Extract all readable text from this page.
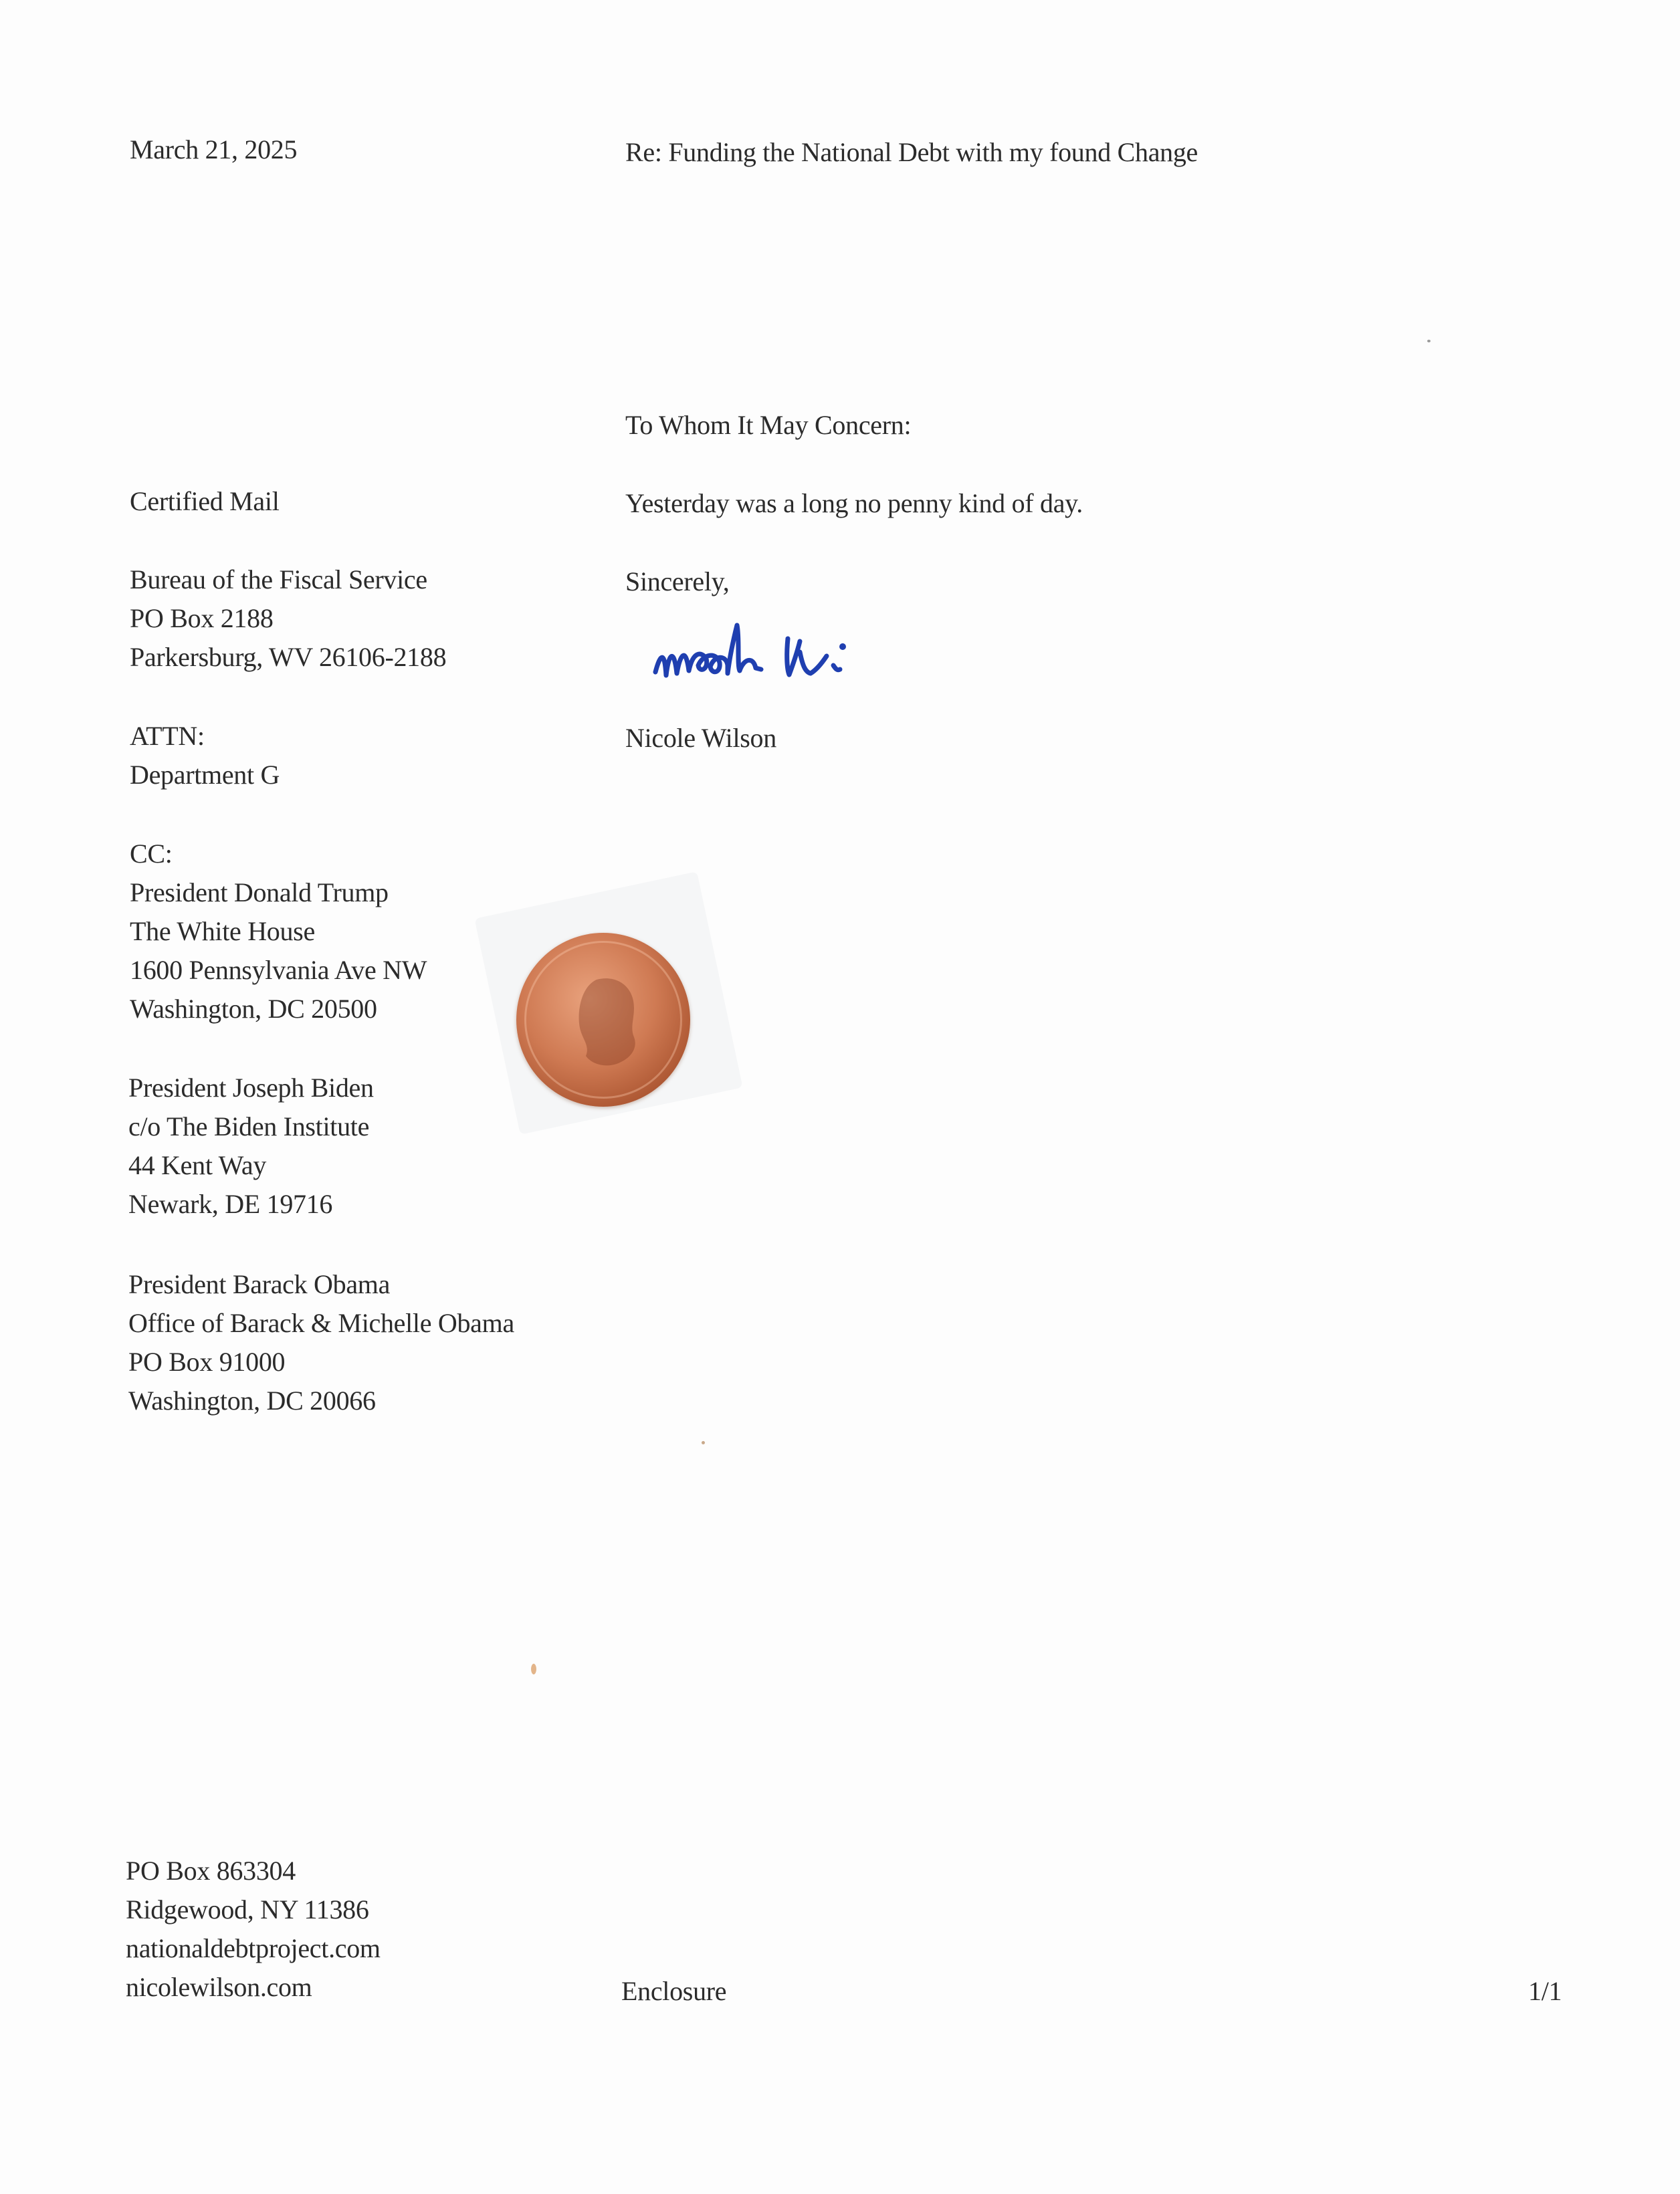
March 21, 2025	Re: Funding the National Debt with my found Change
To Whom It May Concern:
Yesterday was a long no penny kind of day.
Sincerely,
Nicole Wilson
Certified Mail
Bureau of the Fiscal Service
PO Box 2188
Parkersburg, WV 26106-2188
ATTN:
Department G
CC:
President Donald Trump
The White House
1600 Pennsylvania Ave NW
Washington, DC 20500
President Joseph Biden
c/o The Biden Institute
44 Kent Way
Newark, DE 19716
President Barack Obama
Office of Barack & Michelle Obama
PO Box 91000
Washington, DC 20066
PO Box 863304
Ridgewood, NY 11386
nationaldebtproject.com
nicolewilson.com	Enclosure	1/1
